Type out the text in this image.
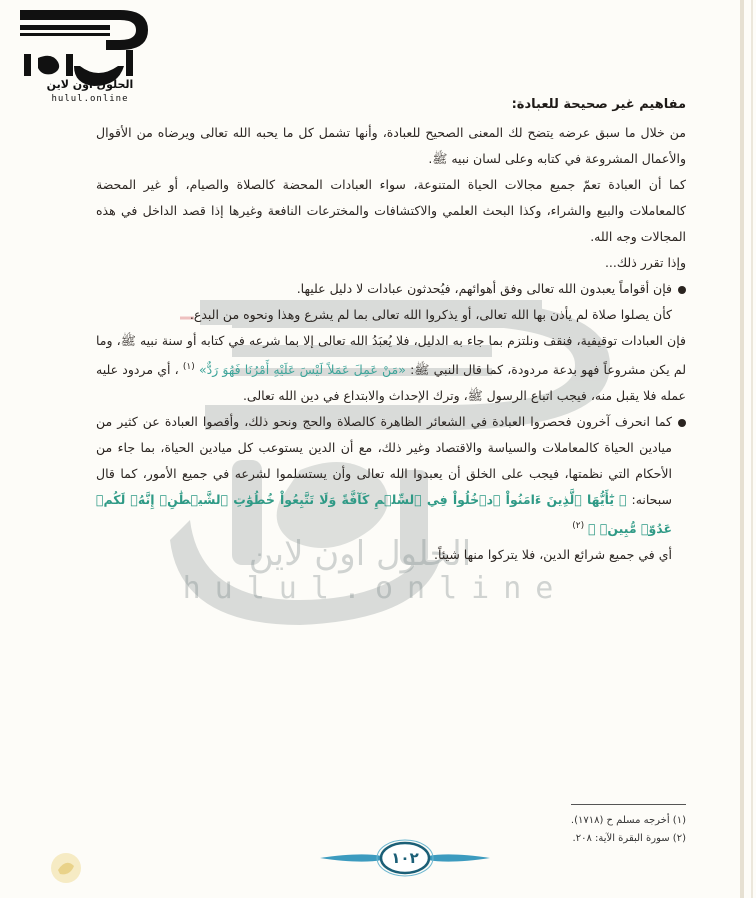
الحلول اون لاين
hulul.online
الحلول اون لاين
hulul.online	مفاهيم غير صحيحة للعبادة:

من خلال ما سبق عرضه يتضح لك المعنى الصحيح للعبادة، وأنها تشمل كل ما يحبه الله تعالى ويرضاه من الأقوال والأعمال المشروعة في كتابه وعلى لسان نبيه ﷺ.

كما أن العبادة تعمّ جميع مجالات الحياة المتنوعة، سواء العبادات المحضة كالصلاة والصيام، أو غير المحضة كالمعاملات والبيع والشراء، وكذا البحث العلمي والاكتشافات والمخترعات النافعة وغيرها إذا قصد الداخل في هذه المجالات وجه الله.

وإذا تقرر ذلك...

فإن أقواماً يعبدون الله تعالى وفق أهوائهم، فيُحدثون عبادات لا دليل عليها.
كأن يصلوا صلاة لم يأذن بها الله تعالى، أو يذكروا الله تعالى بما لم يشرع وهذا ونحوه من البدع.

فإن العبادات توقيفية، فنقف ونلتزم بما جاء به الدليل، فلا يُعبَدُ الله تعالى إلا بما شرعه في كتابه أو سنة نبيه ﷺ، وما لم يكن مشروعاً فهو بدعة مردودة، كما قال النبي ﷺ: «مَنْ عَمِلَ عَمَلاً لَيْسَ عَلَيْهِ أَمْرُنَا فَهُوَ رَدٌّ» $^{(١)}$ ، أي مردود عليه عمله فلا يقبل منه، فيجب اتباع الرسول ﷺ، وترك الإحداث والابتداع في دين الله تعالى.

كما انحرف آخرون فحصروا العبادة في الشعائر الظاهرة كالصلاة والحج ونحو ذلك، وأقصوا العبادة عن كثير من ميادين الحياة كالمعاملات والسياسة والاقتصاد وغير ذلك، مع أن الدين يستوعب كل ميادين الحياة، بما جاء من الأحكام التي نظمتها، فيجب على الخلق أن يعبدوا الله تعالى وأن يستسلموا لشرعه في جميع الأمور، كما قال سبحانه: ﴿ يَٰٓأَيُّهَا ٱلَّذِينَ ءَامَنُواْ ٱدۡخُلُواْ فِي ٱلسِّلۡمِ كَآفَّةً وَلَا تَتَّبِعُواْ خُطُوَٰتِ ٱلشَّيۡطَٰنِۚ إِنَّهُۥ لَكُمۡ عَدُوّٞ مُّبِينٞ ﴾ $^{(٢)}$
أي في جميع شرائع الدين، فلا يتركوا منها شيئاً.
(١) أخرجه مسلم ح (١٧١٨).
(٢) سورة البقرة الآية: ٢٠٨.
١٠٢
